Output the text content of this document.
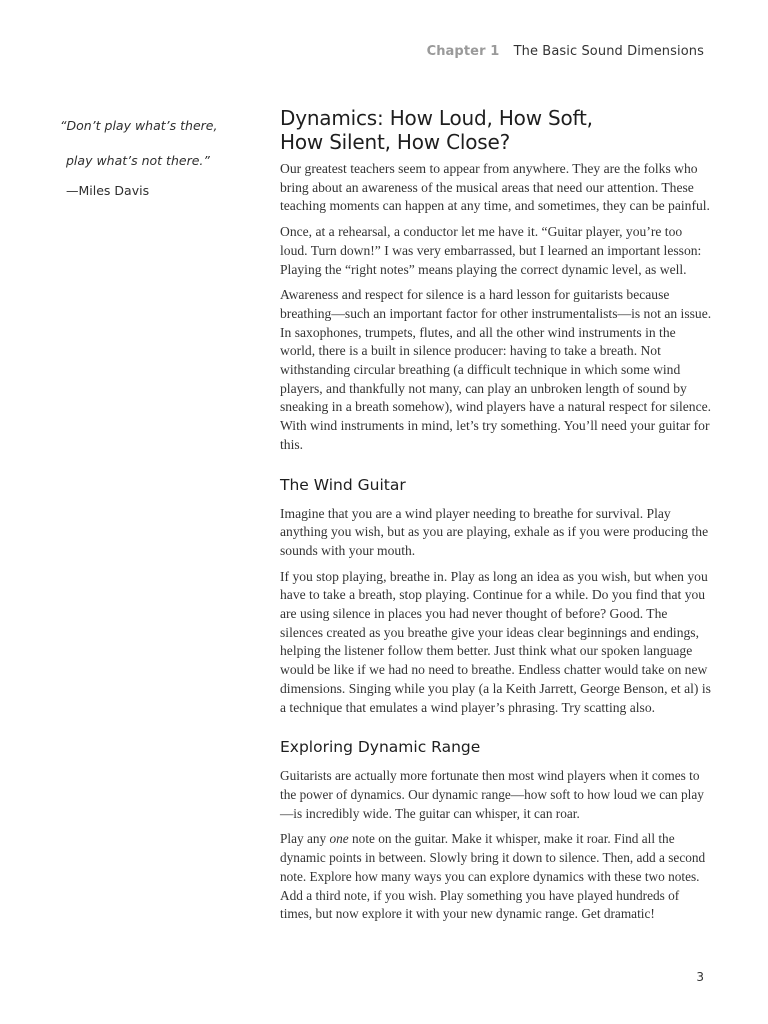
Chapter 1 The Basic Sound Dimensions
“Don’t play what’s there,
play what’s not there.”
—Miles Davis
Dynamics: How Loud, How Soft,
How Silent, How Close?

Our greatest teachers seem to appear from anywhere. They are the folks who bring about an awareness of the musical areas that need our attention. These teaching moments can happen at any time, and sometimes, they can be painful.

Once, at a rehearsal, a conductor let me have it. “Guitar player, you’re too loud. Turn down!” I was very embarrassed, but I learned an important lesson: Playing the “right notes” means playing the correct dynamic level, as well.

Awareness and respect for silence is a hard lesson for guitarists because breathing—such an important factor for other instrumentalists—is not an issue. In saxophones, trumpets, flutes, and all the other wind instruments in the world, there is a built in silence producer: having to take a breath. Not withstanding circular breathing (a difficult technique in which some wind players, and thankfully not many, can play an unbroken length of sound by sneaking in a breath somehow), wind players have a natural respect for silence. With wind instruments in mind, let’s try something. You’ll need your guitar for this.

The Wind Guitar

Imagine that you are a wind player needing to breathe for survival. Play anything you wish, but as you are playing, exhale as if you were producing the sounds with your mouth.

If you stop playing, breathe in. Play as long an idea as you wish, but when you have to take a breath, stop playing. Continue for a while. Do you find that you are using silence in places you had never thought of before? Good. The silences created as you breathe give your ideas clear beginnings and endings, helping the listener follow them better. Just think what our spoken language would be like if we had no need to breathe. Endless chatter would take on new dimensions. Singing while you play (a la Keith Jarrett, George Benson, et al) is a technique that emulates a wind player’s phrasing. Try scatting also.

Exploring Dynamic Range

Guitarists are actually more fortunate then most wind players when it comes to the power of dynamics. Our dynamic range—how soft to how loud we can play—is incredibly wide. The guitar can whisper, it can roar.

Play any one note on the guitar. Make it whisper, make it roar. Find all the dynamic points in between. Slowly bring it down to silence. Then, add a second note. Explore how many ways you can explore dynamics with these two notes. Add a third note, if you wish. Play something you have played hundreds of times, but now explore it with your new dynamic range. Get dramatic!

3
